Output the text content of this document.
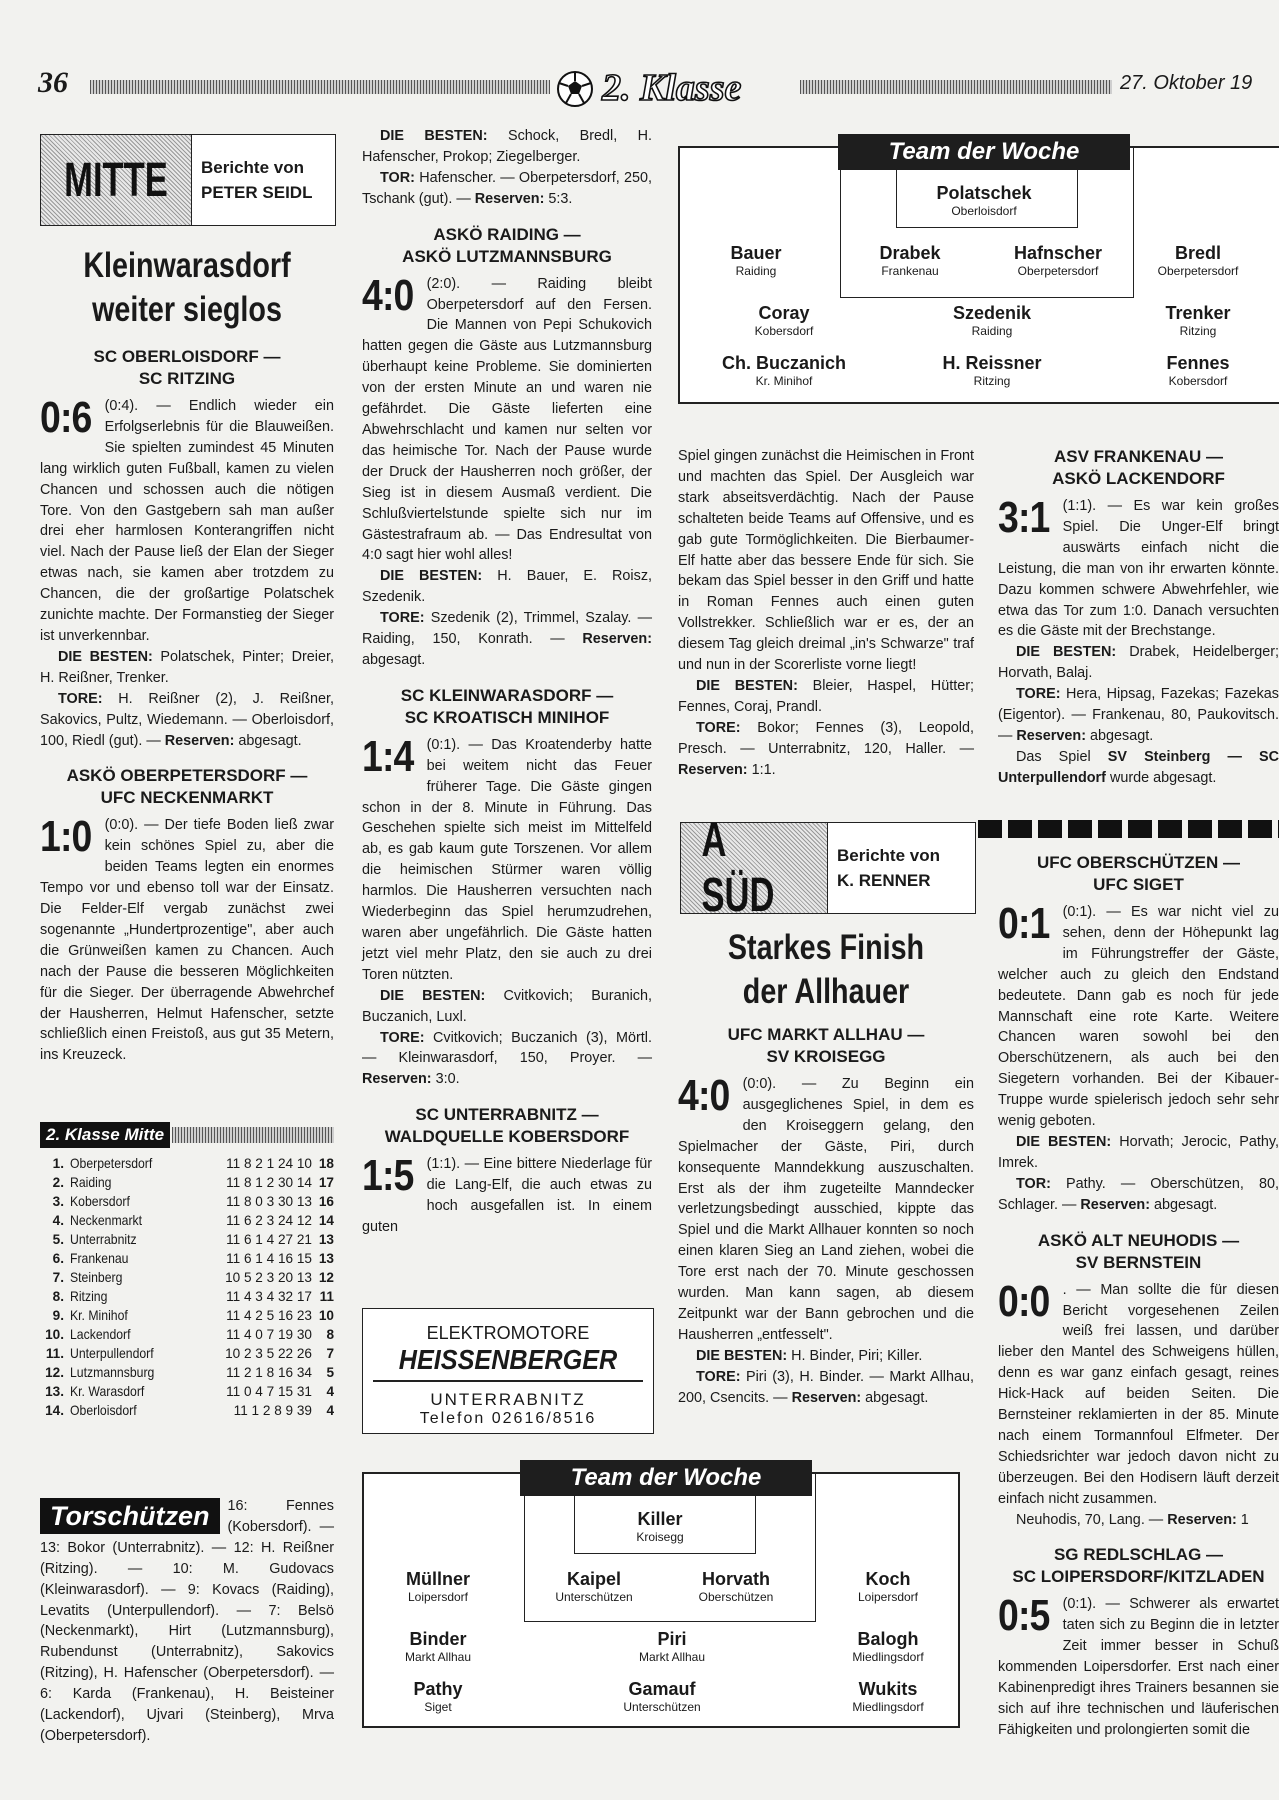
36	2. Klasse	27. Oktober 19
MITTE Berichte von
PETER SEIDL
Kleinwarasdorf
weiter sieglos
SC OBERLOISDORF —
SC RITZING

0:6 (0:4). — Endlich wieder ein Erfolgserlebnis für die Blauweißen. Sie spielten zumindest 45 Minuten lang wirklich guten Fußball, kamen zu vielen Chancen und schossen auch die nötigen Tore. Von den Gastgebern sah man außer drei eher harmlosen Konterangriffen nicht viel. Nach der Pause ließ der Elan der Sieger etwas nach, sie kamen aber trotzdem zu Chancen, die der großartige Polatschek zunichte machte. Der Formanstieg der Sieger ist unverkennbar.

DIE BESTEN: Polatschek, Pinter; Dreier, H. Reißner, Trenker.

TORE: H. Reißner (2), J. Reißner, Sakovics, Pultz, Wiedemann. — Oberloisdorf, 100, Riedl (gut). — Reserven: abgesagt.

ASKÖ OBERPETERSDORF —
UFC NECKENMARKT

1:0 (0:0). — Der tiefe Boden ließ zwar kein schönes Spiel zu, aber die beiden Teams legten ein enormes Tempo vor und ebenso toll war der Einsatz. Die Felder-Elf vergab zunächst zwei sogenannte „Hundertprozentige", aber auch die Grünweißen kamen zu Chancen. Auch nach der Pause die besseren Möglichkeiten für die Sieger. Der überragende Abwehrchef der Hausherren, Helmut Hafenscher, setzte schließlich einen Freistoß, aus gut 35 Metern, ins Kreuzeck.

2. Klasse Mitte
1.	Oberpetersdorf	11 8 2 1 24 10	18
2.	Raiding	11 8 1 2 30 14	17
3.	Kobersdorf	11 8 0 3 30 13	16
4.	Neckenmarkt	11 6 2 3 24 12	14
5.	Unterrabnitz	11 6 1 4 27 21	13
6.	Frankenau	11 6 1 4 16 15	13
7.	Steinberg	10 5 2 3 20 13	12
8.	Ritzing	11 4 3 4 32 17	11
9.	Kr. Minihof	11 4 2 5 16 23	10
10.	Lackendorf	11 4 0 7 19 30	8
11.	Unterpullendorf	10 2 3 5 22 26	7
12.	Lutzmannsburg	11 2 1 8 16 34	5
13.	Kr. Warasdorf	11 0 4 7 15 31	4
14.	Oberloisdorf	11 1 2 8 9 39	4
Torschützen	16: Fennes (Kobersdorf). — 13: Bokor (Unterrabnitz). — 12: H. Reißner (Ritzing). — 10: M. Gudovacs (Kleinwarasdorf). — 9: Kovacs (Raiding), Levatits (Unterpullendorf). — 7: Belsö (Neckenmarkt), Hirt (Lutzmannsburg), Rubendunst (Unterrabnitz), Sakovics (Ritzing), H. Hafenscher (Oberpetersdorf). — 6: Karda (Frankenau), H. Beisteiner (Lackendorf), Ujvari (Steinberg), Mrva (Oberpetersdorf).

DIE BESTEN: Schock, Bredl, H. Hafenscher, Prokop; Ziegelberger.

TOR: Hafenscher. — Oberpetersdorf, 250, Tschank (gut). — Reserven: 5:3.

ASKÖ RAIDING —
ASKÖ LUTZMANNSBURG

4:0 (2:0). — Raiding bleibt Oberpetersdorf auf den Fersen. Die Mannen von Pepi Schukovich hatten gegen die Gäste aus Lutzmannsburg überhaupt keine Probleme. Sie dominierten von der ersten Minute an und waren nie gefährdet. Die Gäste lieferten eine Abwehrschlacht und kamen nur selten vor das heimische Tor. Nach der Pause wurde der Druck der Hausherren noch größer, der Sieg ist in diesem Ausmaß verdient. Die Schlußviertelstunde spielte sich nur im Gästestrafraum ab. — Das Endresultat von 4:0 sagt hier wohl alles!

DIE BESTEN: H. Bauer, E. Roisz, Szedenik.

TORE: Szedenik (2), Trimmel, Szalay. — Raiding, 150, Konrath. — Reserven: abgesagt.

SC KLEINWARASDORF —
SC KROATISCH MINIHOF

1:4 (0:1). — Das Kroatenderby hatte bei weitem nicht das Feuer früherer Tage. Die Gäste gingen schon in der 8. Minute in Führung. Das Geschehen spielte sich meist im Mittelfeld ab, es gab kaum gute Torszenen. Vor allem die heimischen Stürmer waren völlig harmlos. Die Hausherren versuchten nach Wiederbeginn das Spiel herumzudrehen, waren aber ungefährlich. Die Gäste hatten jetzt viel mehr Platz, den sie auch zu drei Toren nützten.

DIE BESTEN: Cvitkovich; Buranich, Buczanich, Luxl.

TORE: Cvitkovich; Buczanich (3), Mörtl. — Kleinwarasdorf, 150, Proyer. — Reserven: 3:0.

SC UNTERRABNITZ —
WALDQUELLE KOBERSDORF

1:5 (1:1). — Eine bittere Niederlage für die Lang-Elf, die auch etwas zu hoch ausgefallen ist. In einem guten

ELEKTROMOTORE
HEISSENBERGER
UNTERRABNITZ
Telefon 02616/8516
Team der Woche
Polatschek
Oberloisdorf
Bauer
Raiding
Drabek
Frankenau
Hafnscher
Oberpetersdorf
Bredl
Oberpetersdorf
Coray
Kobersdorf
Szedenik
Raiding
Trenker
Ritzing
Ch. Buczanich
Kr. Minihof
H. Reissner
Ritzing
Fennes
Kobersdorf

Spiel gingen zunächst die Heimischen in Front und machten das Spiel. Der Ausgleich war stark abseitsverdächtig. Nach der Pause schalteten beide Teams auf Offensive, und es gab gute Tormöglichkeiten. Die Bierbaumer-Elf hatte aber das bessere Ende für sich. Sie bekam das Spiel besser in den Griff und hatte in Roman Fennes auch einen guten Vollstrekker. Schließlich war er es, der an diesem Tag gleich dreimal „in's Schwarze" traf und nun in der Scorerliste vorne liegt!

DIE BESTEN: Bleier, Haspel, Hütter; Fennes, Coraj, Prandl.

TORE: Bokor; Fennes (3), Leopold, Presch. — Unterrabnitz, 120, Haller. — Reserven: 1:1.

A SÜD
Berichte von
K. RENNER
Starkes Finish
der Allhauer
UFC MARKT ALLHAU —
SV KROISEGG

4:0 (0:0). — Zu Beginn ein ausgeglichenes Spiel, in dem es den Kroiseggern gelang, den Spielmacher der Gäste, Piri, durch konsequente Manndekkung auszuschalten. Erst als der ihm zugeteilte Manndecker verletzungsbedingt ausschied, kippte das Spiel und die Markt Allhauer konnten so noch einen klaren Sieg an Land ziehen, wobei die Tore erst nach der 70. Minute geschossen wurden. Man kann sagen, ab diesem Zeitpunkt war der Bann gebrochen und die Hausherren „entfesselt".

DIE BESTEN: H. Binder, Piri; Killer.

TORE: Piri (3), H. Binder. — Markt Allhau, 200, Csencits. — Reserven: abgesagt.

Team der Woche
Killer
Kroisegg
Müllner
Loipersdorf
Kaipel
Unterschützen
Horvath
Oberschützen
Koch
Loipersdorf
Binder
Markt Allhau
Piri
Markt Allhau
Balogh
Miedlingsdorf
Pathy
Siget
Gamauf
Unterschützen
Wukits
Miedlingsdorf
ASV FRANKENAU —
ASKÖ LACKENDORF

3:1 (1:1). — Es war kein großes Spiel. Die Unger-Elf bringt auswärts einfach nicht die Leistung, die man von ihr erwarten könnte. Dazu kommen schwere Abwehrfehler, wie etwa das Tor zum 1:0. Danach versuchten es die Gäste mit der Brechstange.

DIE BESTEN: Drabek, Heidelberger; Horvath, Balaj.

TORE: Hera, Hipsag, Fazekas; Fazekas (Eigentor). — Frankenau, 80, Paukovitsch. — Reserven: abgesagt.

Das Spiel SV Steinberg — SC Unterpullendorf wurde abgesagt.

UFC OBERSCHÜTZEN —
UFC SIGET

0:1 (0:1). — Es war nicht viel zu sehen, denn der Höhepunkt lag im Führungstreffer der Gäste, welcher auch zu gleich den Endstand bedeutete. Dann gab es noch für jede Mannschaft eine rote Karte. Weitere Chancen waren sowohl bei den Oberschützenern, als auch bei den Siegetern vorhanden. Bei der Kibauer-Truppe wurde spielerisch jedoch sehr sehr wenig geboten.

DIE BESTEN: Horvath; Jerocic, Pathy, Imrek.

TOR: Pathy. — Oberschützen, 80, Schlager. — Reserven: abgesagt.

ASKÖ ALT NEUHODIS —
SV BERNSTEIN

0:0 . — Man sollte die für diesen Bericht vorgesehenen Zeilen weiß frei lassen, und darüber lieber den Mantel des Schweigens hüllen, denn es war ganz einfach gesagt, reines Hick-Hack auf beiden Seiten. Die Bernsteiner reklamierten in der 85. Minute nach einem Tormannfoul Elfmeter. Der Schiedsrichter war jedoch davon nicht zu überzeugen. Bei den Hodisern läuft derzeit einfach nicht zusammen.

Neuhodis, 70, Lang. — Reserven: 1

SG REDLSCHLAG —
SC LOIPERSDORF/KITZLADEN

0:5 (0:1). — Schwerer als erwartet taten sich zu Beginn die in letzter Zeit immer besser in Schuß kommenden Loipersdorfer. Erst nach einer Kabinenpredigt ihres Trainers besannen sie sich auf ihre technischen und läuferischen Fähigkeiten und prolongierten somit die
